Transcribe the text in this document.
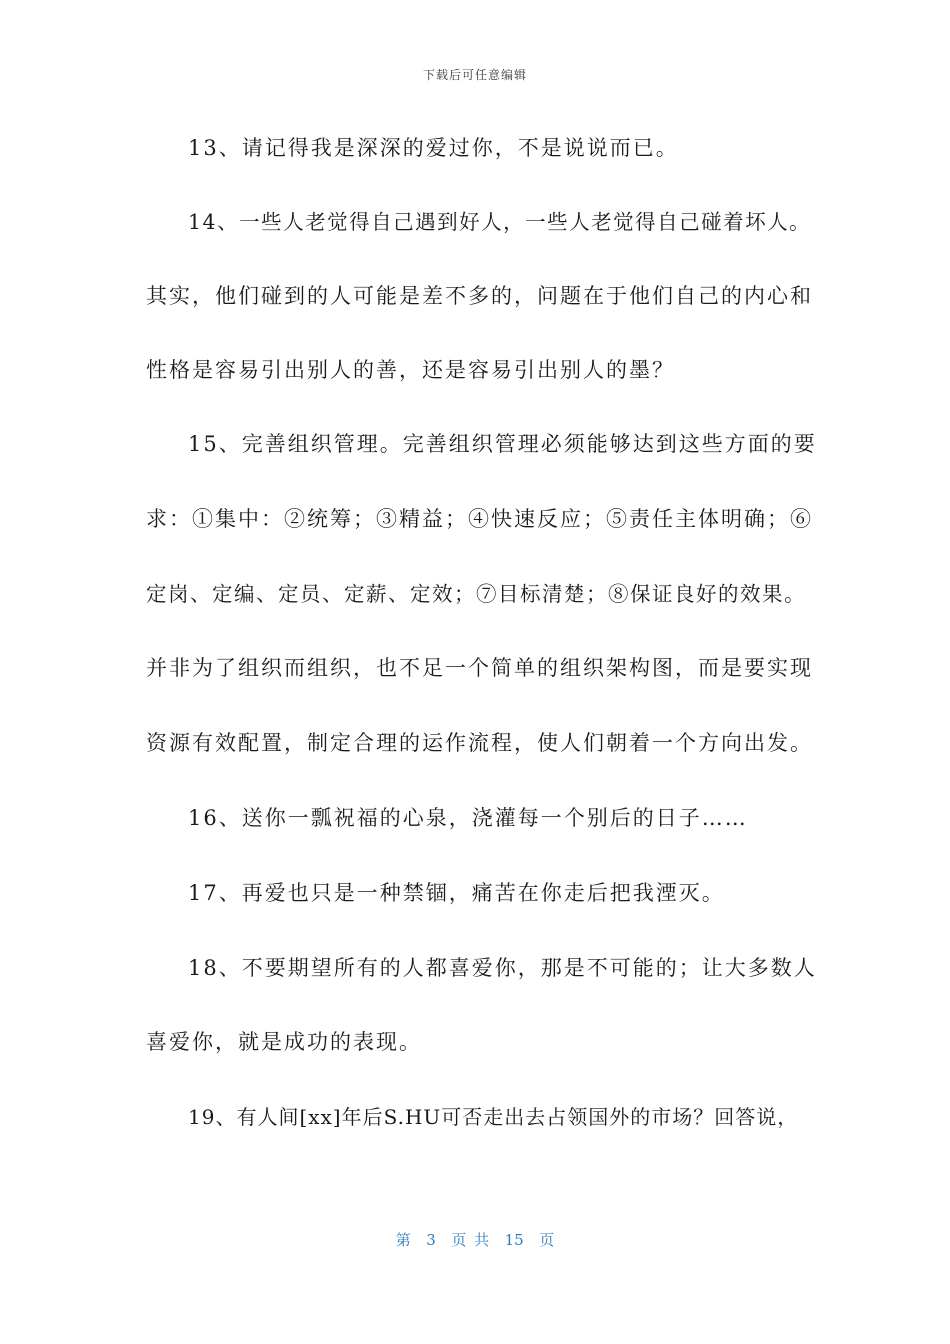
下载后可任意编辑
13、请记得我是深深的爱过你，不是说说而已。
14、一些人老觉得自己遇到好人，一些人老觉得自己碰着坏人。
其实，他们碰到的人可能是差不多的，问题在于他们自己的内心和
性格是容易引出别人的善，还是容易引出别人的墨？
15、完善组织管理。完善组织管理必须能够达到这些方面的要
求：①集中：②统筹；③精益；④快速反应；⑤责任主体明确；⑥
定岗、定编、定员、定薪、定效；⑦目标清楚；⑧保证良好的效果。
并非为了组织而组织，也不足一个简单的组织架构图，而是要实现
资源有效配置，制定合理的运作流程，使人们朝着一个方向出发。
16、送你一瓢祝福的心泉，浇灌每一个别后的日子……
17、再爱也只是一种禁锢，痛苦在你走后把我湮灭。
18、不要期望所有的人都喜爱你，那是不可能的；让大多数人
喜爱你，就是成功的表现。
19、有人间[xx]年后S.HU可否走出去占领国外的市场？回答说，
第  3  页 共  15  页
